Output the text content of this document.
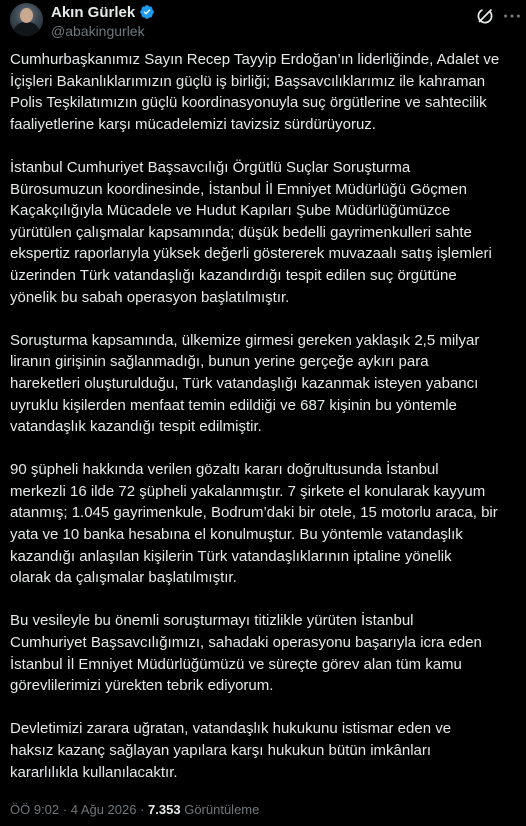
Akın Gürlek
@abakingurlek

Cumhurbaşkanımız Sayın Recep Tayyip Erdoğan’ın liderliğinde, Adalet ve
İçişleri Bakanlıklarımızın güçlü iş birliği; Başsavcılıklarımız ile kahraman
Polis Teşkilatımızın güçlü koordinasyonuyla suç örgütlerine ve sahtecilik
faaliyetlerine karşı mücadelemizi tavizsiz sürdürüyoruz.

İstanbul Cumhuriyet Başsavcılığı Örgütlü Suçlar Soruşturma
Bürosumuzun koordinesinde, İstanbul İl Emniyet Müdürlüğü Göçmen
Kaçakçılığıyla Mücadele ve Hudut Kapıları Şube Müdürlüğümüzce
yürütülen çalışmalar kapsamında; düşük bedelli gayrimenkulleri sahte
ekspertiz raporlarıyla yüksek değerli göstererek muvazaalı satış işlemleri
üzerinden Türk vatandaşlığı kazandırdığı tespit edilen suç örgütüne
yönelik bu sabah operasyon başlatılmıştır.

Soruşturma kapsamında, ülkemize girmesi gereken yaklaşık 2,5 milyar
liranın girişinin sağlanmadığı, bunun yerine gerçeğe aykırı para
hareketleri oluşturulduğu, Türk vatandaşlığı kazanmak isteyen yabancı
uyruklu kişilerden menfaat temin edildiği ve 687 kişinin bu yöntemle
vatandaşlık kazandığı tespit edilmiştir.

90 şüpheli hakkında verilen gözaltı kararı doğrultusunda İstanbul
merkezli 16 ilde 72 şüpheli yakalanmıştır. 7 şirkete el konularak kayyum
atanmış; 1.045 gayrimenkule, Bodrum’daki bir otele, 15 motorlu araca, bir
yata ve 10 banka hesabına el konulmuştur. Bu yöntemle vatandaşlık
kazandığı anlaşılan kişilerin Türk vatandaşlıklarının iptaline yönelik
olarak da çalışmalar başlatılmıştır.

Bu vesileyle bu önemli soruşturmayı titizlikle yürüten İstanbul
Cumhuriyet Başsavcılığımızı, sahadaki operasyonu başarıyla icra eden
İstanbul İl Emniyet Müdürlüğümüzü ve süreçte görev alan tüm kamu
görevlilerimizi yürekten tebrik ediyorum.

Devletimizi zarara uğratan, vatandaşlık hukukunu istismar eden ve
haksız kazanç sağlayan yapılara karşı hukukun bütün imkânları
kararlılıkla kullanılacaktır.

ÖÖ 9:02 · 4 Ağu 2026 · 7.353 Görüntüleme
